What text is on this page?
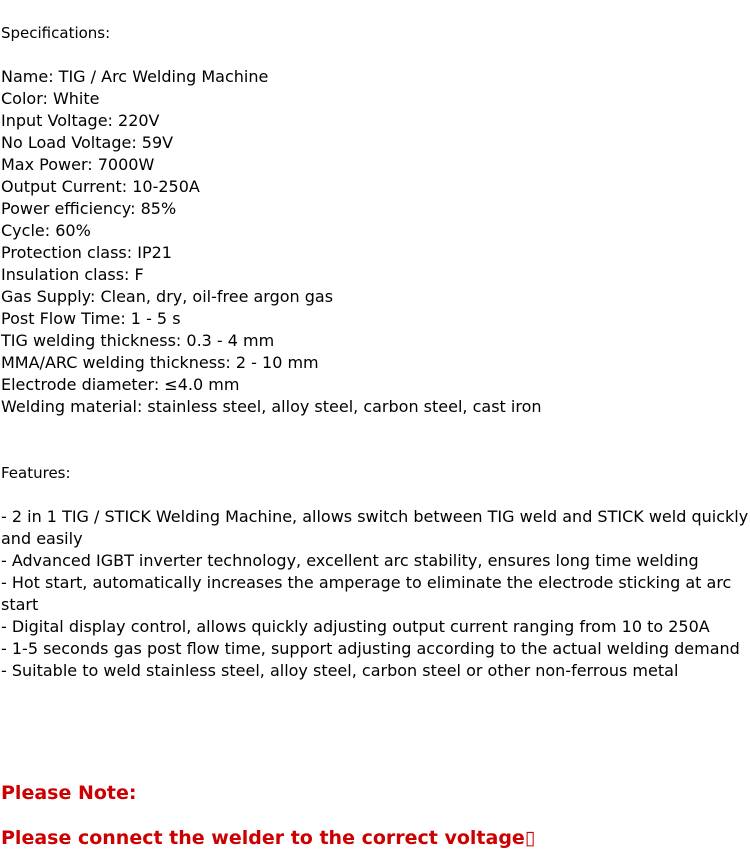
Specifications:
Name: TIG / Arc Welding Machine
Color: White
Input Voltage: 220V
No Load Voltage: 59V
Max Power: 7000W
Output Current: 10-250A
Power efficiency: 85%
Cycle: 60%
Protection class: IP21
Insulation class: F
Gas Supply: Clean, dry, oil-free argon gas
Post Flow Time: 1 - 5 s
TIG welding thickness: 0.3 - 4 mm
MMA/ARC welding thickness: 2 - 10 mm
Electrode diameter: ≤4.0 mm
Welding material: stainless steel, alloy steel, carbon steel, cast iron
Features:
- 2 in 1 TIG / STICK Welding Machine, allows switch between TIG weld and STICK weld quickly and easily
- Advanced IGBT inverter technology, excellent arc stability, ensures long time welding
- Hot start, automatically increases the amperage to eliminate the electrode sticking at arc start
- Digital display control, allows quickly adjusting output current ranging from 10 to 250A
- 1-5 seconds gas post flow time, support adjusting according to the actual welding demand
- Suitable to weld stainless steel, alloy steel, carbon steel or other non-ferrous metal
Please Note:
Please connect the welder to the correct voltage▯
